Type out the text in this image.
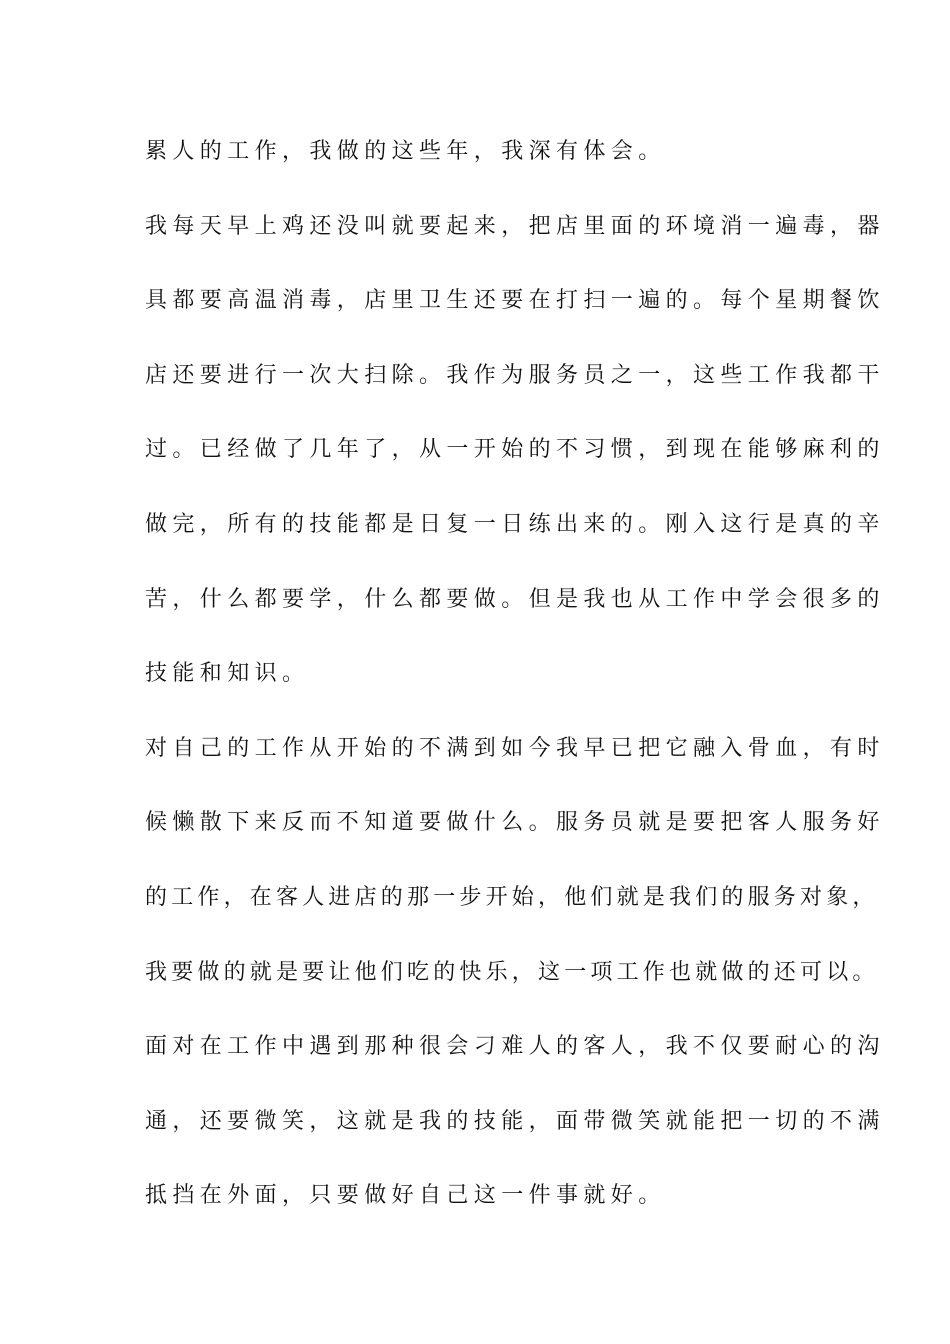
累人的工作，我做的这些年，我深有体会。
我每天早上鸡还没叫就要起来，把店里面的环境消一遍毒，器
具都要高温消毒，店里卫生还要在打扫一遍的。每个星期餐饮
店还要进行一次大扫除。我作为服务员之一，这些工作我都干
过。已经做了几年了，从一开始的不习惯，到现在能够麻利的
做完，所有的技能都是日复一日练出来的。刚入这行是真的辛
苦，什么都要学，什么都要做。但是我也从工作中学会很多的
技能和知识。
对自己的工作从开始的不满到如今我早已把它融入骨血，有时
候懒散下来反而不知道要做什么。服务员就是要把客人服务好
的工作，在客人进店的那一步开始，他们就是我们的服务对象，
我要做的就是要让他们吃的快乐，这一项工作也就做的还可以。
面对在工作中遇到那种很会刁难人的客人，我不仅要耐心的沟
通，还要微笑，这就是我的技能，面带微笑就能把一切的不满
抵挡在外面，只要做好自己这一件事就好。
